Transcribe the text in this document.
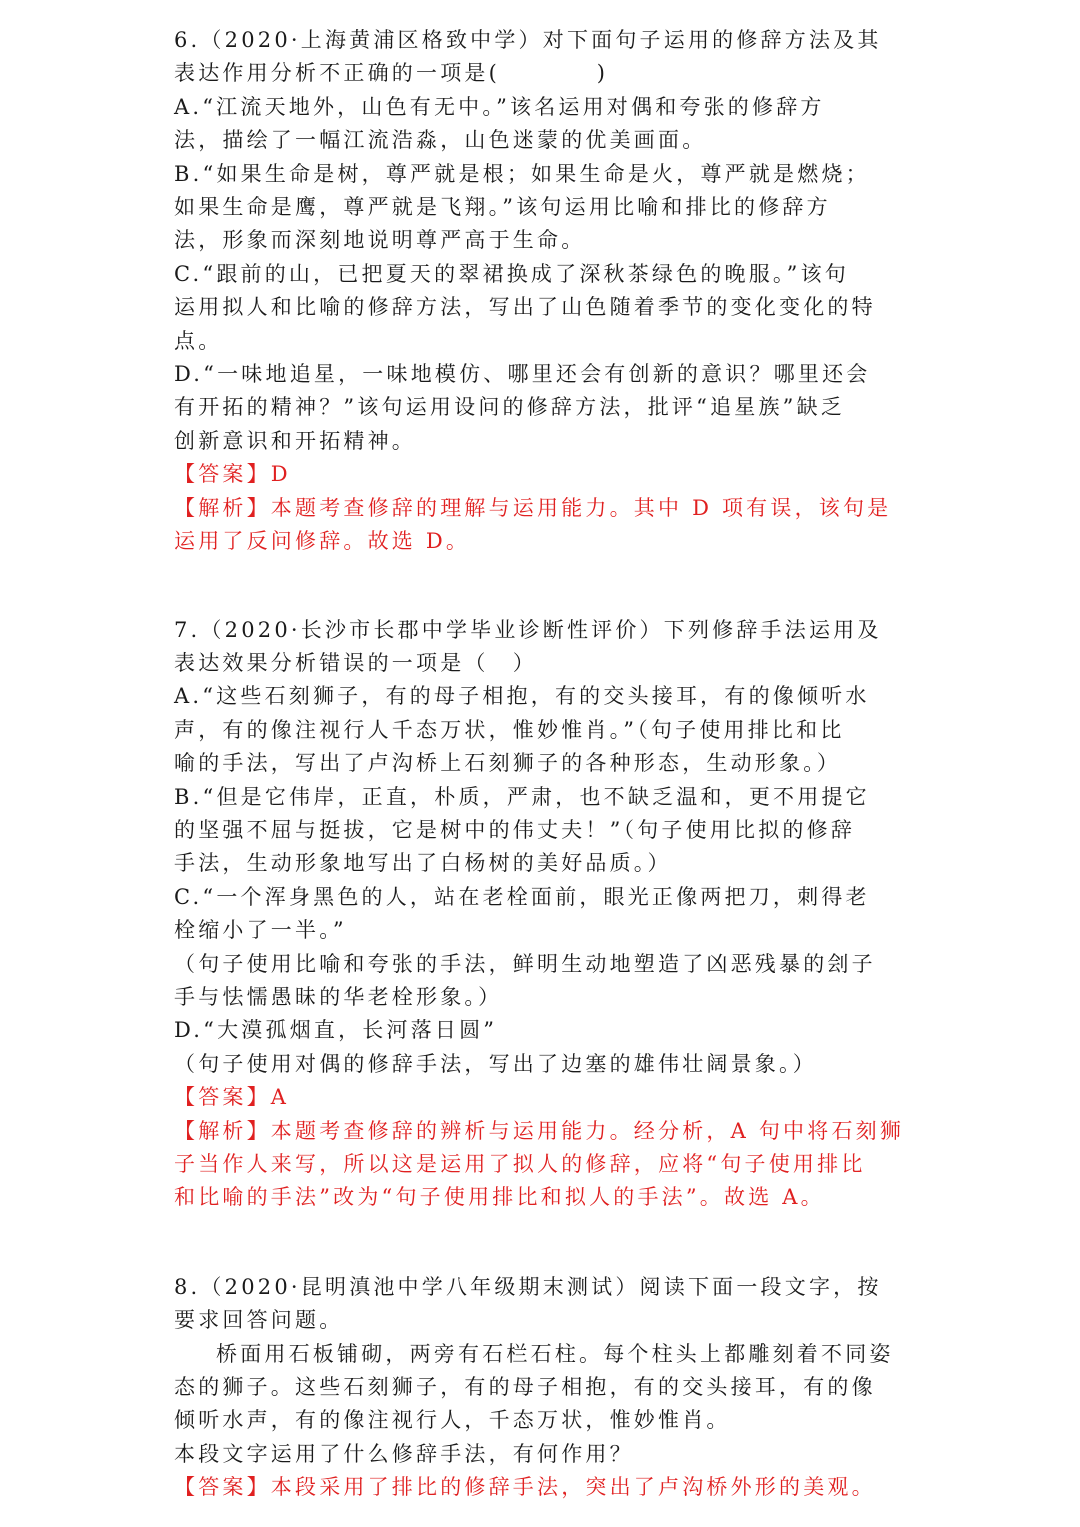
6.（2020·上海黄浦区格致中学）对下面句子运用的修辞方法及其

表达作用分析不正确的一项是(　　　　)

A.“江流天地外，山色有无中。”该名运用对偶和夸张的修辞方

法，描绘了一幅江流浩淼，山色迷蒙的优美画面。

B.“如果生命是树，尊严就是根；如果生命是火，尊严就是燃烧；

如果生命是鹰，尊严就是飞翔。”该句运用比喻和排比的修辞方

法，形象而深刻地说明尊严高于生命。

C.“跟前的山，已把夏天的翠裙换成了深秋茶绿色的晚服。”该句

运用拟人和比喻的修辞方法，写出了山色随着季节的变化变化的特

点。

D.“一味地追星，一味地模仿、哪里还会有创新的意识？哪里还会

有开拓的精神？”该句运用设问的修辞方法，批评“追星族”缺乏

创新意识和开拓精神。

【答案】D

【解析】本题考查修辞的理解与运用能力。其中 D 项有误，该句是

运用了反问修辞。故选 D。

7.（2020·长沙市长郡中学毕业诊断性评价）下列修辞手法运用及

表达效果分析错误的一项是（　）

A.“这些石刻狮子，有的母子相抱，有的交头接耳，有的像倾听水

声，有的像注视行人千态万状，惟妙惟肖。”（句子使用排比和比

喻的手法，写出了卢沟桥上石刻狮子的各种形态，生动形象。）

B.“但是它伟岸，正直，朴质，严肃，也不缺乏温和，更不用提它

的坚强不屈与挺拔，它是树中的伟丈夫！”（句子使用比拟的修辞

手法，生动形象地写出了白杨树的美好品质。）

C.“一个浑身黑色的人，站在老栓面前，眼光正像两把刀，刺得老

栓缩小了一半。”

（句子使用比喻和夸张的手法，鲜明生动地塑造了凶恶残暴的刽子

手与怯懦愚昧的华老栓形象。）

D.“大漠孤烟直，长河落日圆”

（句子使用对偶的修辞手法，写出了边塞的雄伟壮阔景象。）

【答案】A

【解析】本题考查修辞的辨析与运用能力。经分析，A 句中将石刻狮

子当作人来写，所以这是运用了拟人的修辞，应将“句子使用排比

和比喻的手法”改为“句子使用排比和拟人的手法”。故选 A。

8.（2020·昆明滇池中学八年级期末测试）阅读下面一段文字，按

要求回答问题。

桥面用石板铺砌，两旁有石栏石柱。每个柱头上都雕刻着不同姿

态的狮子。这些石刻狮子，有的母子相抱，有的交头接耳，有的像

倾听水声，有的像注视行人，千态万状，惟妙惟肖。

本段文字运用了什么修辞手法，有何作用？

【答案】本段采用了排比的修辞手法，突出了卢沟桥外形的美观。
